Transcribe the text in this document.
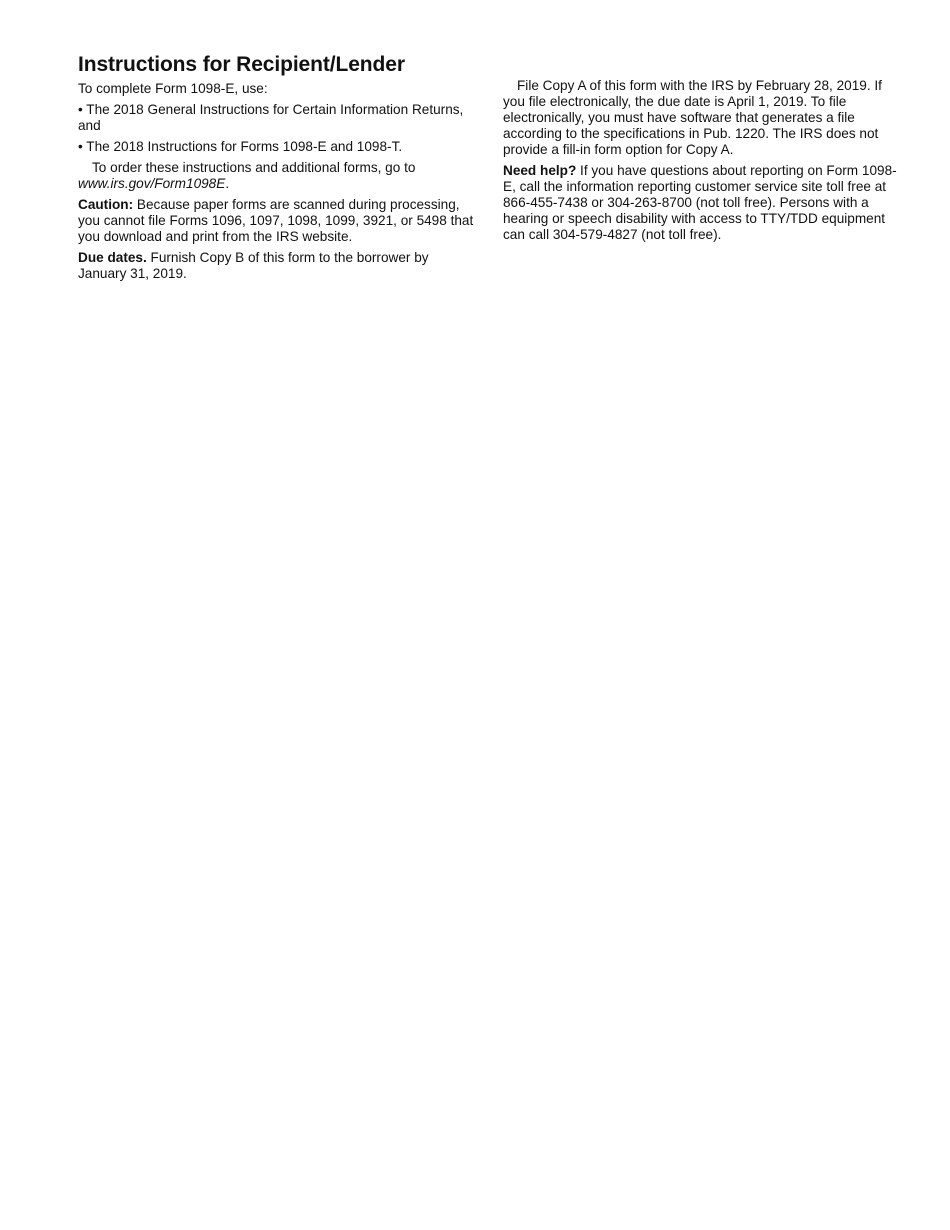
Instructions for Recipient/Lender

To complete Form 1098-E, use:

• The 2018 General Instructions for Certain Information Returns, and

• The 2018 Instructions for Forms 1098-E and 1098-T.

To order these instructions and additional forms, go to www.irs.gov/Form1098E.

Caution: Because paper forms are scanned during processing, you cannot file Forms 1096, 1097, 1098, 1099, 3921, or 5498 that you download and print from the IRS website.

Due dates. Furnish Copy B of this form to the borrower by January 31, 2019.

File Copy A of this form with the IRS by February 28, 2019. If you file electronically, the due date is April 1, 2019. To file electronically, you must have software that generates a file according to the specifications in Pub. 1220. The IRS does not provide a fill-in form option for Copy A.

Need help? If you have questions about reporting on Form 1098-E, call the information reporting customer service site toll free at 866-455-7438 or 304-263-8700 (not toll free). Persons with a hearing or speech disability with access to TTY/TDD equipment can call 304-579-4827 (not toll free).
